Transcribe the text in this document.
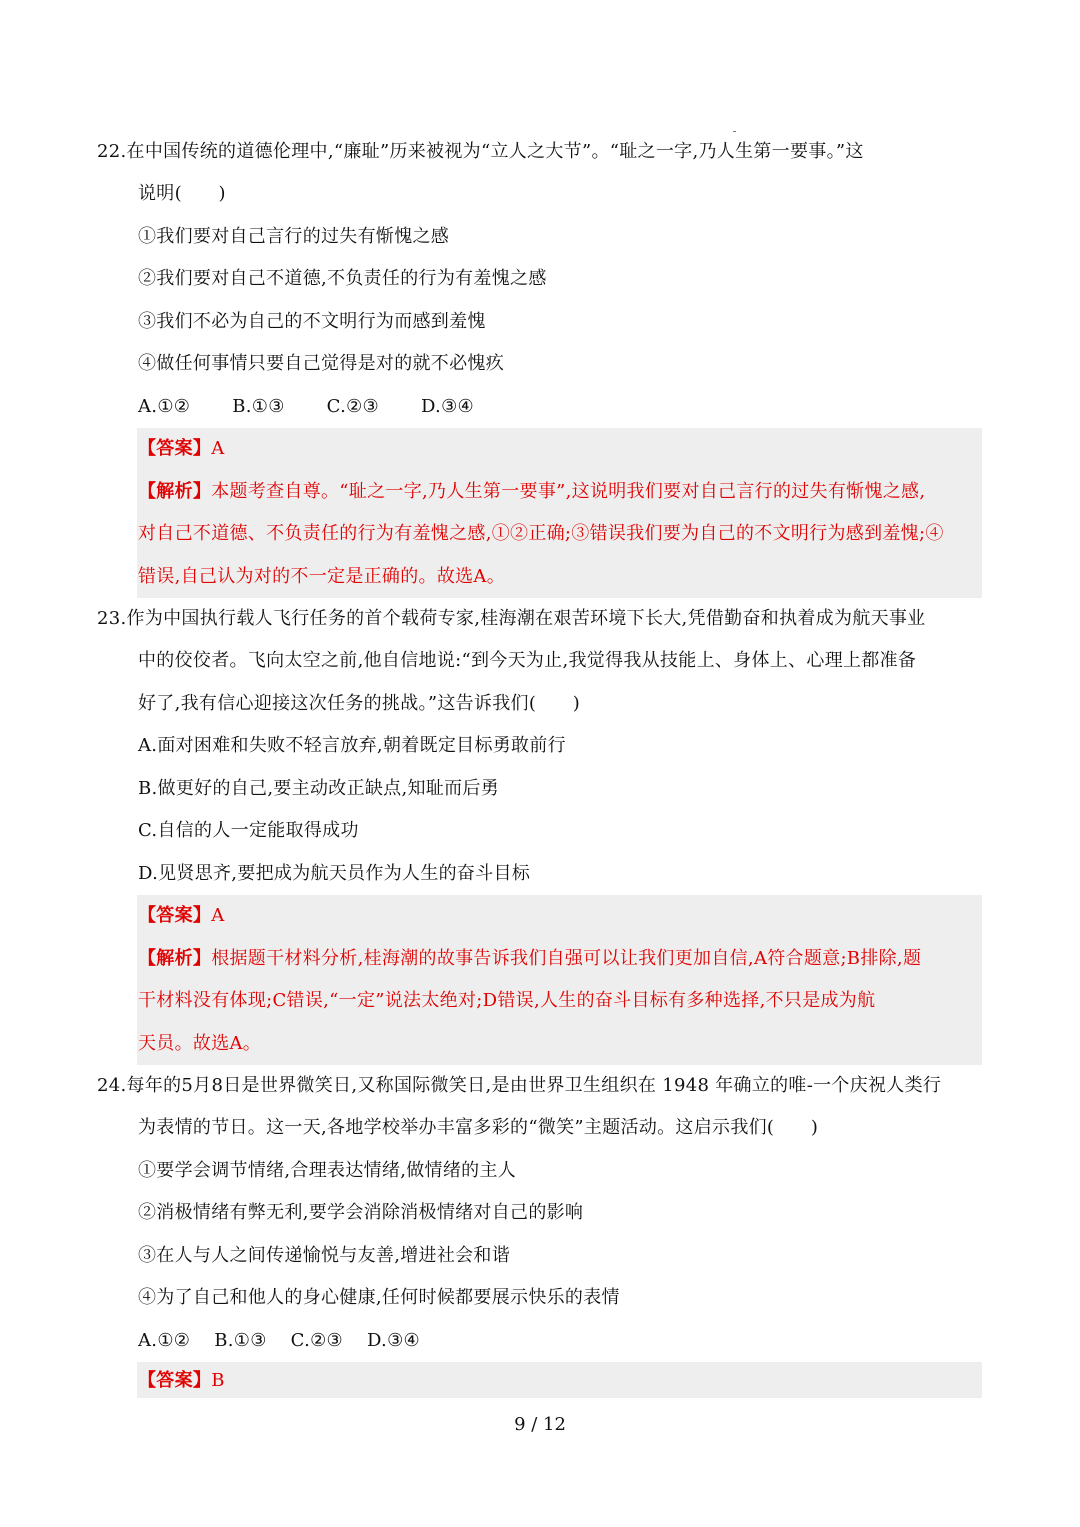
22.在中国传统的道德伦理中,“廉耻”历来被视为“立人之大节”。“耻之一字,乃人生第一要事。”这
说明(　　)
①我们要对自己言行的过失有惭愧之感
②我们要对自己不道德,不负责任的行为有羞愧之感
③我们不必为自己的不文明行为而感到羞愧
④做任何事情只要自己觉得是对的就不必愧疚
A.①② B.①③ C.②③ D.③④
【答案】A
【解析】本题考查自尊。“耻之一字,乃人生第一要事”,这说明我们要对自己言行的过失有惭愧之感,
对自己不道德、不负责任的行为有羞愧之感,①②正确;③错误我们要为自己的不文明行为感到羞愧;④
错误,自己认为对的不一定是正确的。故选A。
23.作为中国执行载人飞行任务的首个载荷专家,桂海潮在艰苦环境下长大,凭借勤奋和执着成为航天事业
中的佼佼者。飞向太空之前,他自信地说:“到今天为止,我觉得我从技能上、身体上、心理上都准备
好了,我有信心迎接这次任务的挑战。”这告诉我们(　　)
A.面对困难和失败不轻言放弃,朝着既定目标勇敢前行
B.做更好的自己,要主动改正缺点,知耻而后勇
C.自信的人一定能取得成功
D.见贤思齐,要把成为航天员作为人生的奋斗目标
【答案】A
【解析】根据题干材料分析,桂海潮的故事告诉我们自强可以让我们更加自信,A符合题意;B排除,题
干材料没有体现;C错误,“一定”说法太绝对;D错误,人生的奋斗目标有多种选择,不只是成为航
天员。故选A。
24.每年的5月8日是世界微笑日,又称国际微笑日,是由世界卫生组织在 1948 年确立的唯-一个庆祝人类行
为表情的节日。这一天,各地学校举办丰富多彩的“微笑”主题活动。这启示我们(　　)
①要学会调节情绪,合理表达情绪,做情绪的主人
②消极情绪有弊无利,要学会消除消极情绪对自己的影响
③在人与人之间传递愉悦与友善,增进社会和谐
④为了自己和他人的身心健康,任何时候都要展示快乐的表情
A.①② B.①③ C.②③ D.③④
【答案】B
9 / 12
